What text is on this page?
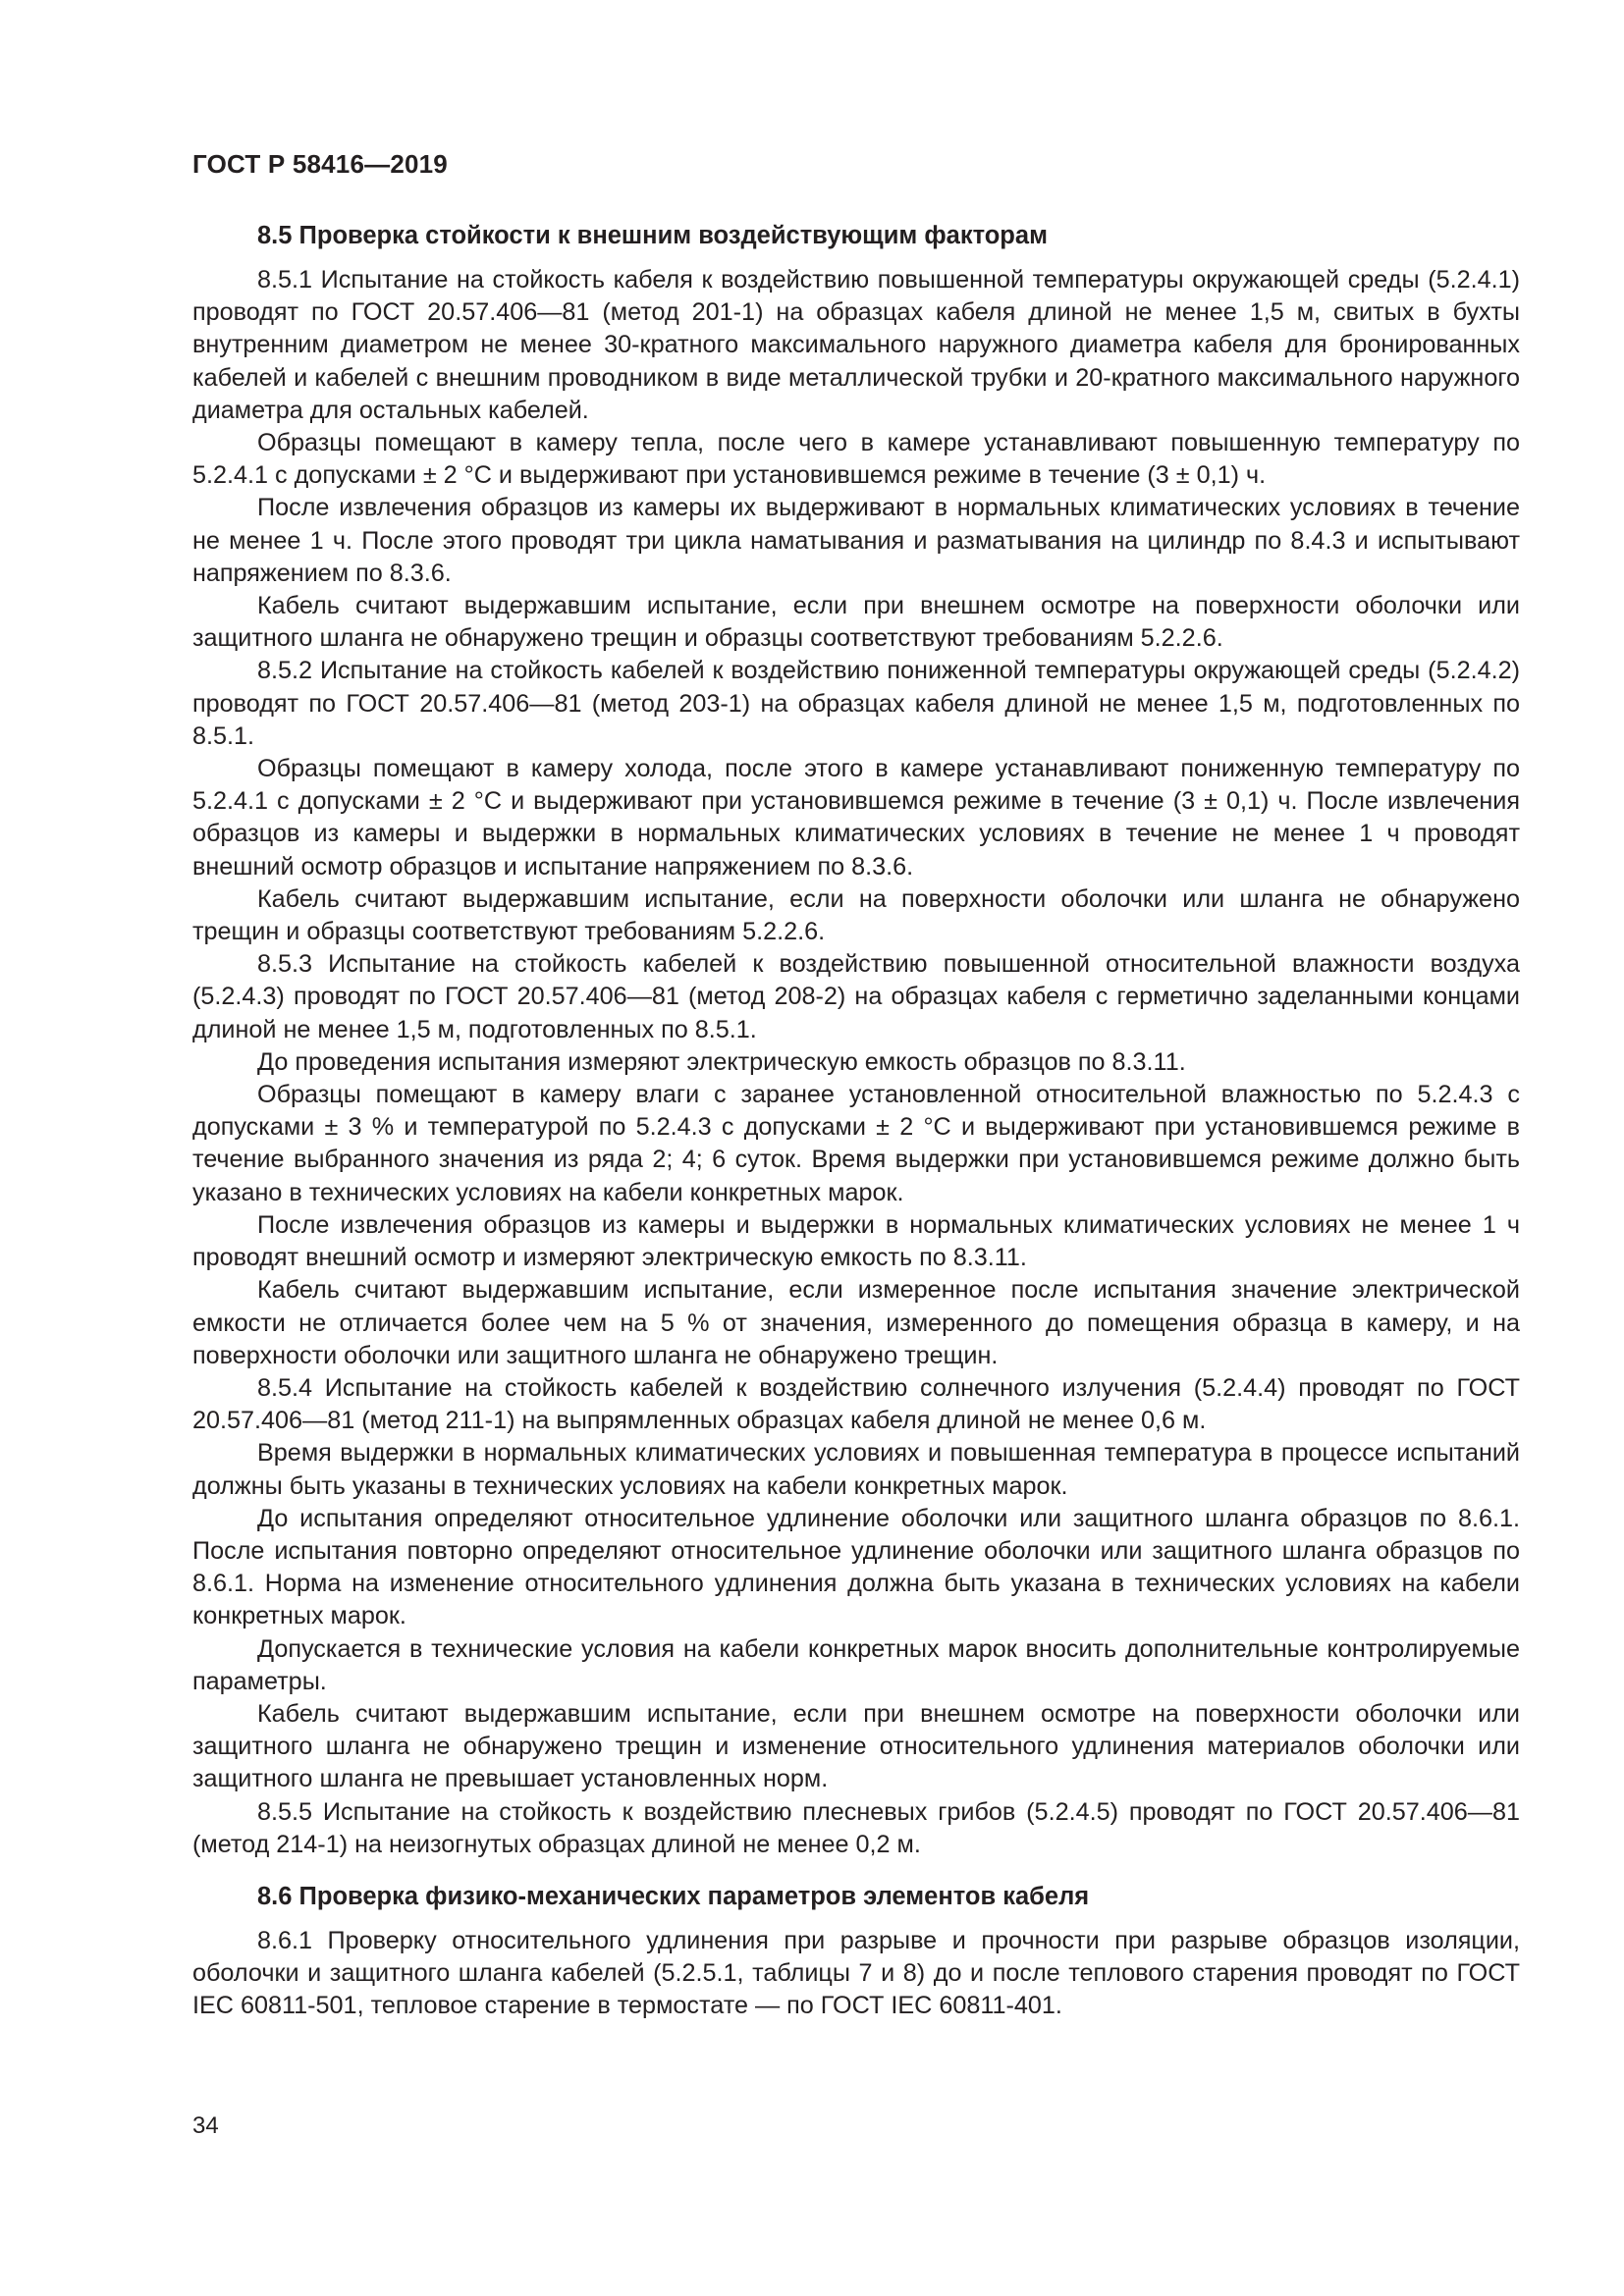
ГОСТ Р 58416—2019
8.5 Проверка стойкости к внешним воздействующим факторам

8.5.1 Испытание на стойкость кабеля к воздействию повышенной температуры окружающей среды (5.2.4.1) проводят по ГОСТ 20.57.406—81 (метод 201-1) на образцах кабеля длиной не менее 1,5 м, свитых в бухты внутренним диаметром не менее 30-кратного максимального наружного диаметра кабеля для бронированных кабелей и кабелей с внешним проводником в виде металлической трубки и 20-кратного максимального наружного диаметра для остальных кабелей.

Образцы помещают в камеру тепла, после чего в камере устанавливают повышенную температуру по 5.2.4.1 с допусками ± 2 °С и выдерживают при установившемся режиме в течение (3 ± 0,1) ч.

После извлечения образцов из камеры их выдерживают в нормальных климатических условиях в течение не менее 1 ч. После этого проводят три цикла наматывания и разматывания на цилиндр по 8.4.3 и испытывают напряжением по 8.3.6.

Кабель считают выдержавшим испытание, если при внешнем осмотре на поверхности оболочки или защитного шланга не обнаружено трещин и образцы соответствуют требованиям 5.2.2.6.

8.5.2 Испытание на стойкость кабелей к воздействию пониженной температуры окружающей среды (5.2.4.2) проводят по ГОСТ 20.57.406—81 (метод 203-1) на образцах кабеля длиной не менее 1,5 м, подготовленных по 8.5.1.

Образцы помещают в камеру холода, после этого в камере устанавливают пониженную температуру по 5.2.4.1 с допусками ± 2 °С и выдерживают при установившемся режиме в течение (3 ± 0,1) ч. После извлечения образцов из камеры и выдержки в нормальных климатических условиях в течение не менее 1 ч проводят внешний осмотр образцов и испытание напряжением по 8.3.6.

Кабель считают выдержавшим испытание, если на поверхности оболочки или шланга не обнаружено трещин и образцы соответствуют требованиям 5.2.2.6.

8.5.3 Испытание на стойкость кабелей к воздействию повышенной относительной влажности воздуха (5.2.4.3) проводят по ГОСТ 20.57.406—81 (метод 208-2) на образцах кабеля с герметично заделанными концами длиной не менее 1,5 м, подготовленных по 8.5.1.

До проведения испытания измеряют электрическую емкость образцов по 8.3.11.

Образцы помещают в камеру влаги с заранее установленной относительной влажностью по 5.2.4.3 с допусками ± 3 % и температурой по 5.2.4.3 с допусками ± 2 °С и выдерживают при установившемся режиме в течение выбранного значения из ряда 2; 4; 6 суток. Время выдержки при установившемся режиме должно быть указано в технических условиях на кабели конкретных марок.

После извлечения образцов из камеры и выдержки в нормальных климатических условиях не менее 1 ч проводят внешний осмотр и измеряют электрическую емкость по 8.3.11.

Кабель считают выдержавшим испытание, если измеренное после испытания значение электрической емкости не отличается более чем на 5 % от значения, измеренного до помещения образца в камеру, и на поверхности оболочки или защитного шланга не обнаружено трещин.

8.5.4 Испытание на стойкость кабелей к воздействию солнечного излучения (5.2.4.4) проводят по ГОСТ 20.57.406—81 (метод 211-1) на выпрямленных образцах кабеля длиной не менее 0,6 м.

Время выдержки в нормальных климатических условиях и повышенная температура в процессе испытаний должны быть указаны в технических условиях на кабели конкретных марок.

До испытания определяют относительное удлинение оболочки или защитного шланга образцов по 8.6.1. После испытания повторно определяют относительное удлинение оболочки или защитного шланга образцов по 8.6.1. Норма на изменение относительного удлинения должна быть указана в технических условиях на кабели конкретных марок.

Допускается в технические условия на кабели конкретных марок вносить дополнительные контролируемые параметры.

Кабель считают выдержавшим испытание, если при внешнем осмотре на поверхности оболочки или защитного шланга не обнаружено трещин и изменение относительного удлинения материалов оболочки или защитного шланга не превышает установленных норм.

8.5.5 Испытание на стойкость к воздействию плесневых грибов (5.2.4.5) проводят по ГОСТ 20.57.406—81 (метод 214-1) на неизогнутых образцах длиной не менее 0,2 м.

8.6 Проверка физико-механических параметров элементов кабеля

8.6.1 Проверку относительного удлинения при разрыве и прочности при разрыве образцов изоляции, оболочки и защитного шланга кабелей (5.2.5.1, таблицы 7 и 8) до и после теплового старения проводят по ГОСТ IEC 60811-501, тепловое старение в термостате — по ГОСТ IEC 60811-401.

34
